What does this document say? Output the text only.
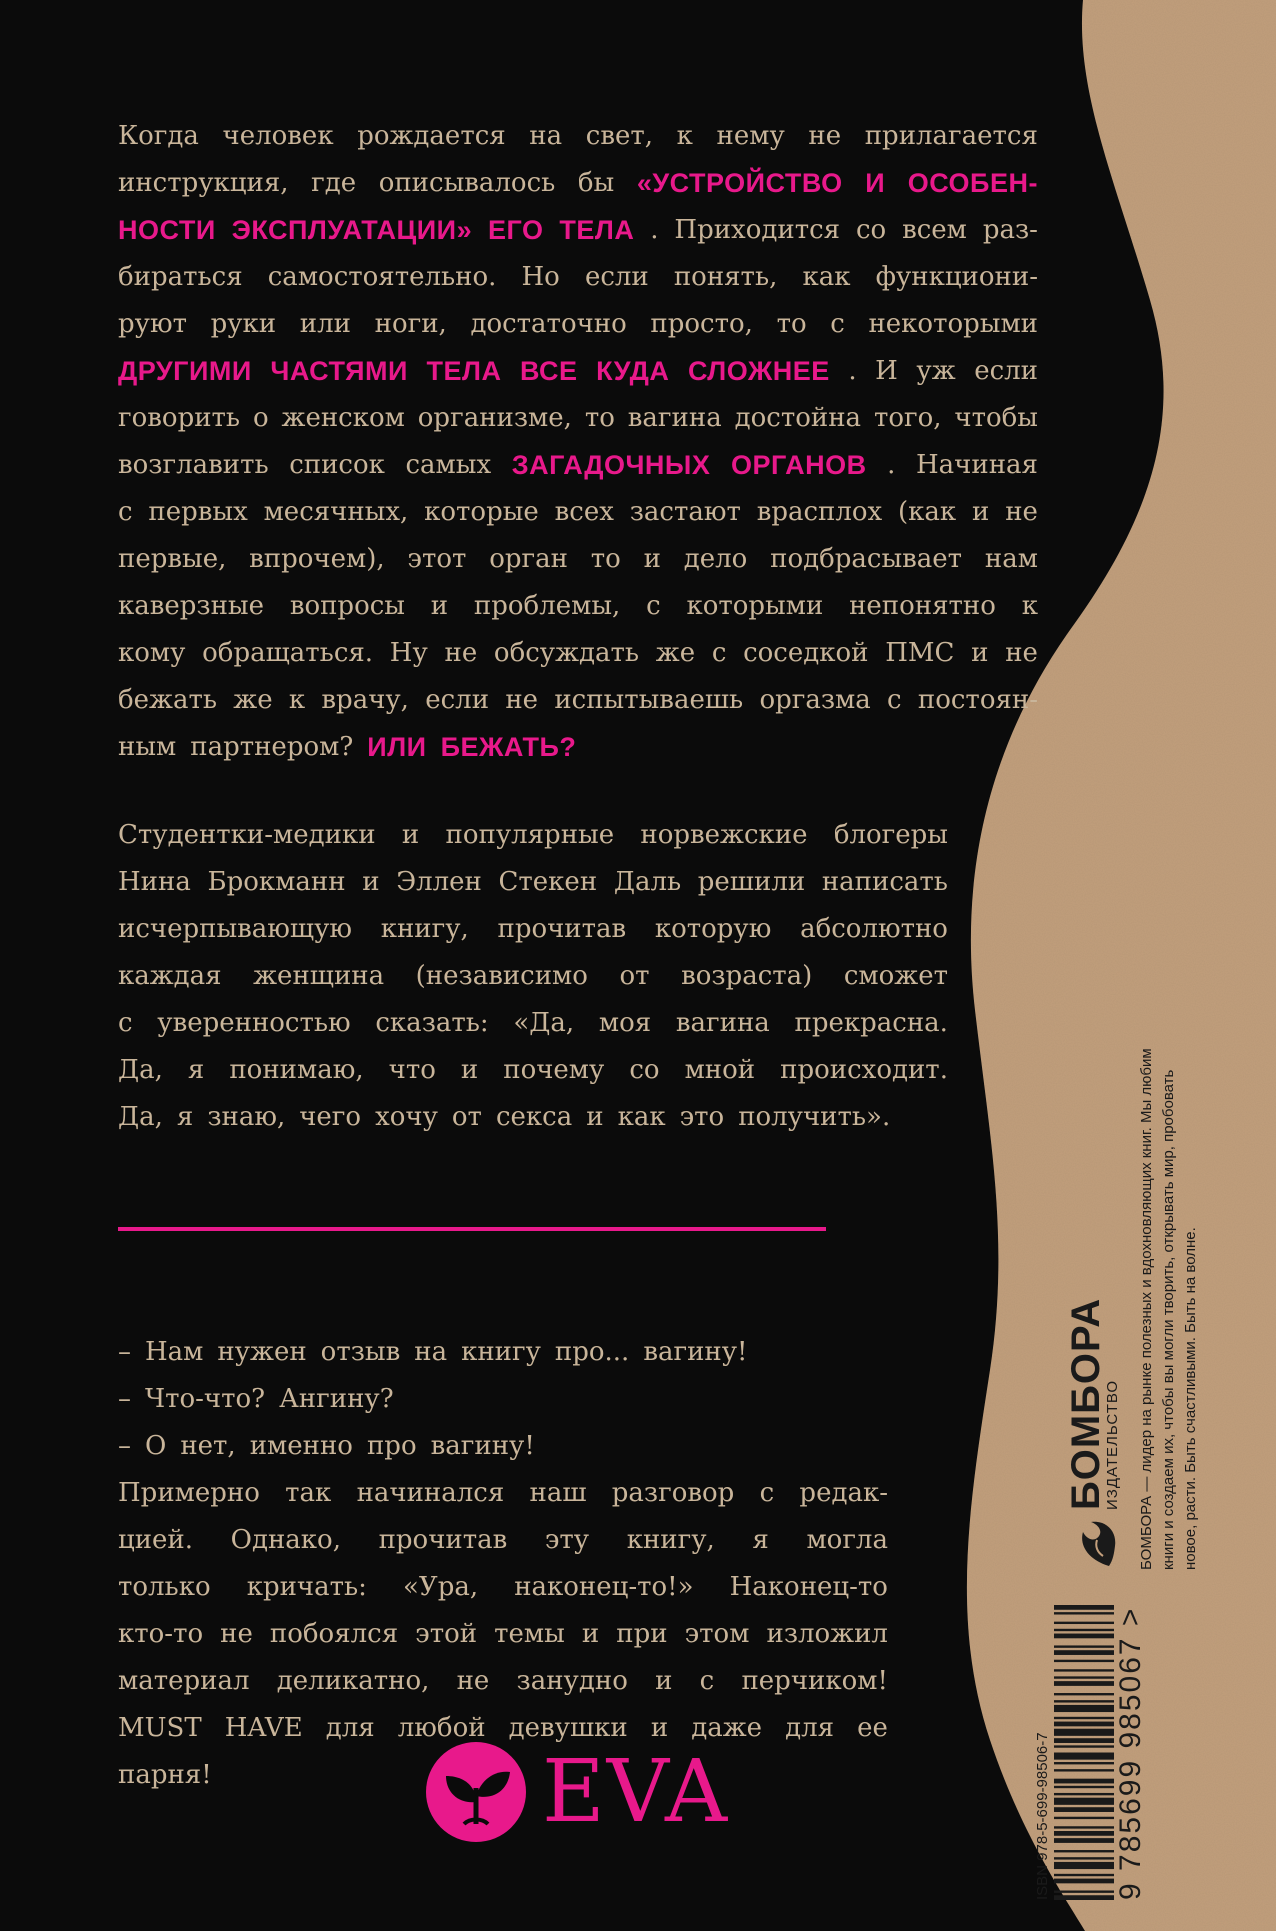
Когда человек рождается на свет, к нему не прилагается
инструкция, где описывалось бы «УСТРОЙСТВО И ОСОБЕН-
НОСТИ ЭКСПЛУАТАЦИИ» ЕГО ТЕЛА . Приходится со всем раз-
бираться самостоятельно. Но если понять, как функциони-
руют руки или ноги, достаточно просто, то с некоторыми
ДРУГИМИ ЧАСТЯМИ ТЕЛА ВСЕ КУДА СЛОЖНЕЕ . И уж если
говорить о женском организме, то вагина достойна того, чтобы
возглавить список самых ЗАГАДОЧНЫХ ОРГАНОВ . Начиная
с первых месячных, которые всех застают врасплох (как и не
первые, впрочем), этот орган то и дело подбрасывает нам
каверзные вопросы и проблемы, с которыми непонятно к
кому обращаться. Ну не обсуждать же с соседкой ПМС и не
бежать же к врачу, если не испытываешь оргазма с постоян-
ным партнером? ИЛИ БЕЖАТЬ?
Студентки-медики и популярные норвежские блогеры
Нина Брокманн и Эллен Стекен Даль решили написать
исчерпывающую книгу, прочитав которую абсолютно
каждая женщина (независимо от возраста) сможет
с уверенностью сказать: «Да, моя вагина прекрасна.
Да, я понимаю, что и почему со мной происходит.
Да, я знаю, чего хочу от секса и как это получить».
– Нам нужен отзыв на книгу про... вагину!
– Что-что? Ангину?
– О нет, именно про вагину!
Примерно так начинался наш разговор с редак-
цией. Однако, прочитав эту книгу, я могла
только кричать: «Ура, наконец-то!» Наконец-то
кто-то не побоялся этой темы и при этом изложил
материал деликатно, не занудно и с перчиком!
MUST HAVE для любой девушки и даже для ее
парня!	EVA	ISBN 978-5-699-98506-7 9 785699 985067 >
БОМБОРА
ИЗДАТЕЛЬСТВО БОМБОРА — лидер на рынке полезных и вдохновляющих книг. Мы любим книги и создаем их, чтобы вы могли творить, открывать мир, пробовать новое, расти. Быть счастливыми. Быть на волне.
